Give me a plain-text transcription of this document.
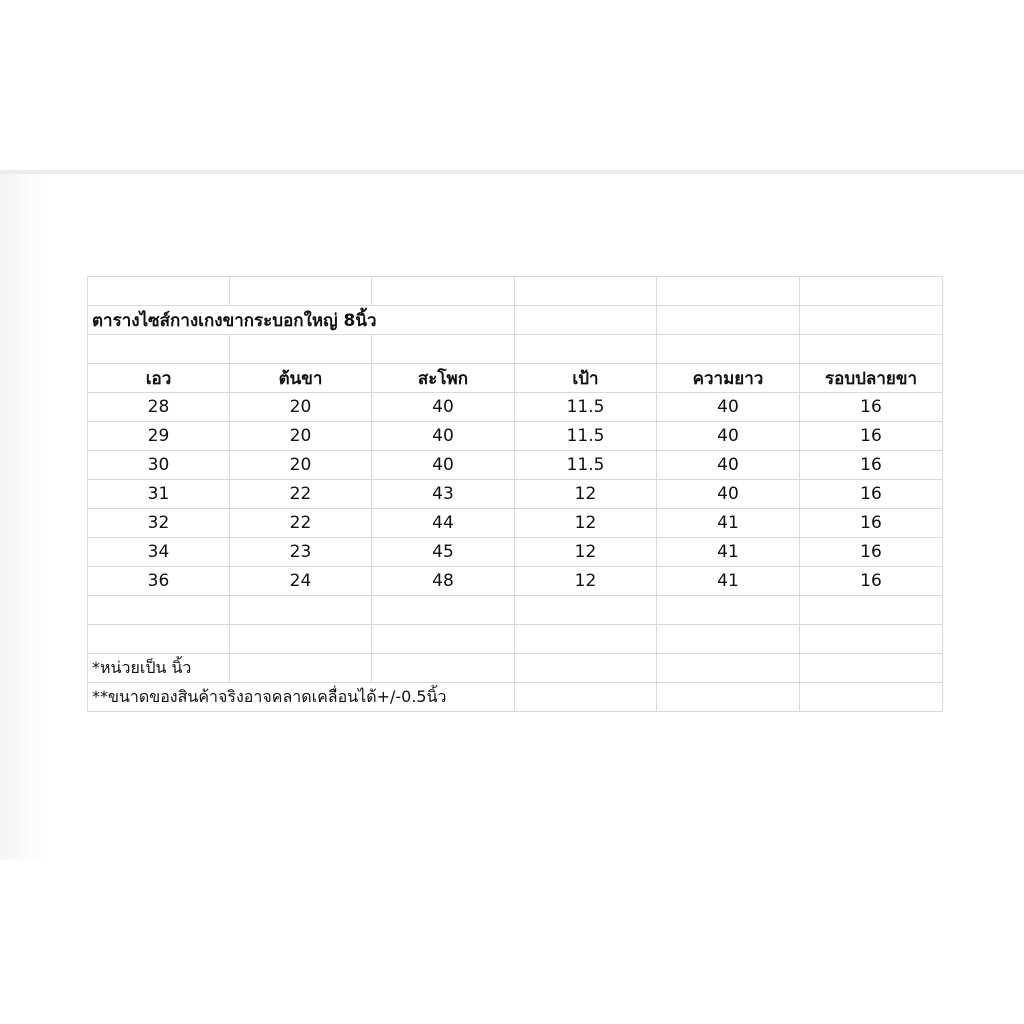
ตารางไซส์กางเกงขากระบอกใหญ่ 8นิ้ว					

เอว	ต้นขา	สะโพก	เป้า	ความยาว	รอบปลายขา
28	20	40	11.5	40	16
29	20	40	11.5	40	16
30	20	40	11.5	40	16
31	22	43	12	40	16
32	22	44	12	41	16
34	23	45	12	41	16
36	24	48	12	41	16

*หน่วยเป็น นิ้ว					
**ขนาดของสินค้าจริงอาจคลาดเคลื่อนได้+/-0.5นิ้ว					
